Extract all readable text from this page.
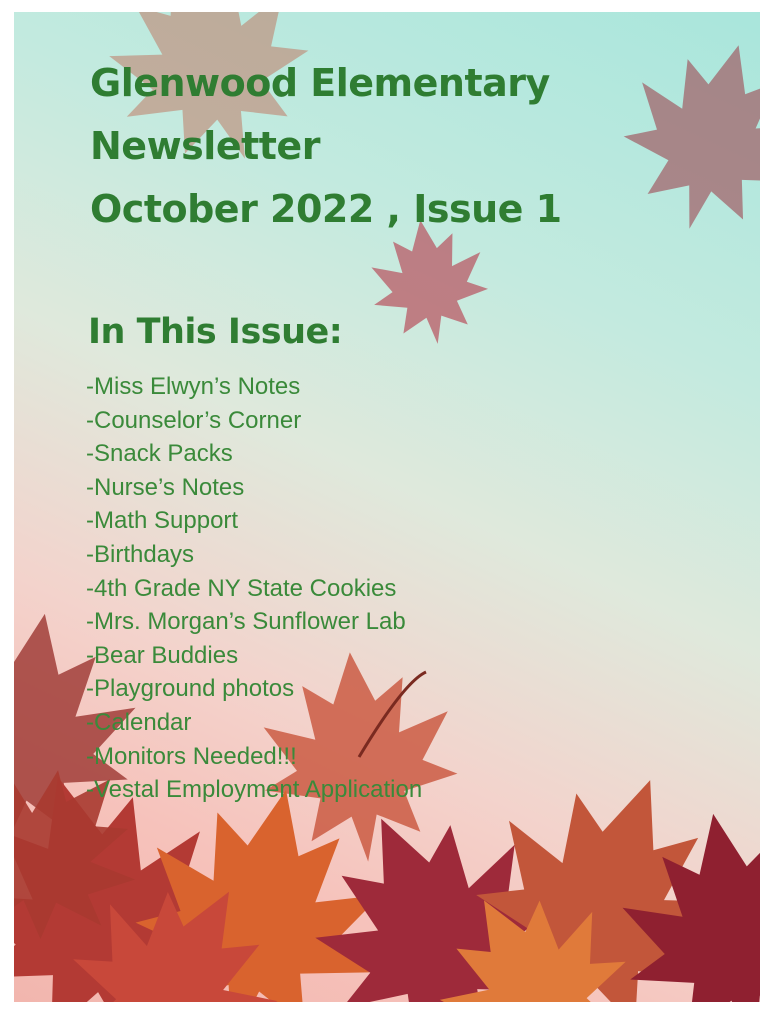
Glenwood Elementary
Newsletter
October 2022 , Issue 1
In This Issue:
-Miss Elwyn’s Notes
-Counselor’s Corner
-Snack Packs
-Nurse’s Notes
-Math Support
-Birthdays
-4th Grade NY State Cookies
-Mrs. Morgan’s Sunflower Lab
-Bear Buddies
-Playground photos
-Calendar
-Monitors Needed!!!
-Vestal Employment Application
